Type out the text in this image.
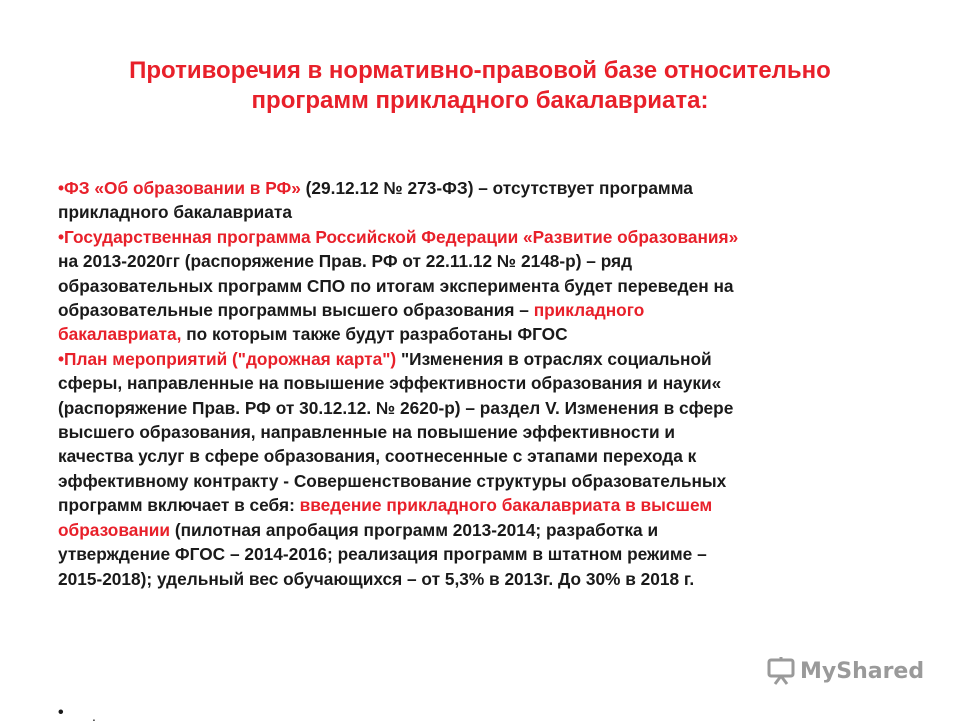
Противоречия в нормативно-правовой базе относительно
программ прикладного бакалавриата:
•ФЗ «Об образовании в РФ» (29.12.12 № 273-ФЗ) – отсутствует программа
прикладного бакалавриата
•Государственная программа Российской Федерации «Развитие образования»
на 2013-2020гг (распоряжение Прав. РФ от 22.11.12 № 2148-р) – ряд
образовательных программ СПО по итогам эксперимента будет переведен на
образовательные программы высшего образования – прикладного
бакалавриата, по которым также будут разработаны ФГОС
•План мероприятий ("дорожная карта") "Изменения в отраслях социальной
сферы, направленные на повышение эффективности образования и науки«
(распоряжение Прав. РФ от 30.12.12. № 2620-р) – раздел V. Изменения в сфере
высшего образования, направленные на повышение эффективности и
качества услуг в сфере образования, соотнесенные с этапами перехода к
эффективному контракту - Совершенствование структуры образовательных
программ включает в себя: введение прикладного бакалавриата в высшем
образовании (пилотная апробация программ 2013-2014; разработка и
утверждение ФГОС – 2014-2016; реализация программ в штатном режиме –
2015-2018); удельный вес обучающихся – от 5,3% в 2013г. До 30% в 2018 г.
MyShared
• .
